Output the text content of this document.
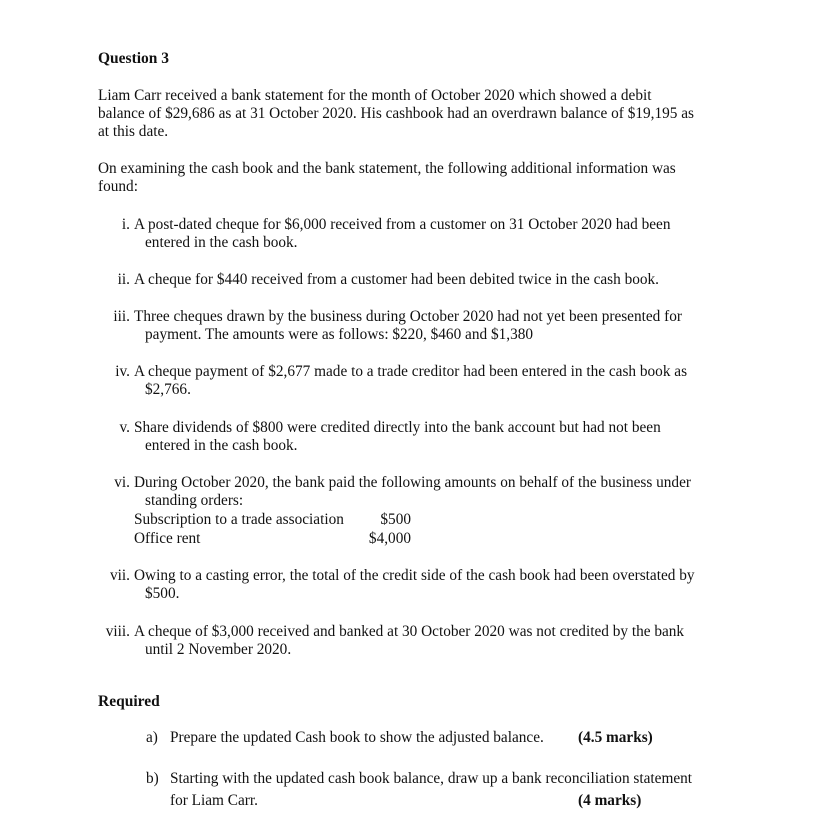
Question 3
Liam Carr received a bank statement for the month of October 2020 which showed a debit
balance of $29,686 as at 31 October 2020. His cashbook had an overdrawn balance of $19,195 as
at this date.
On examining the cash book and the bank statement, the following additional information was
found:
i. A post-dated cheque for $6,000 received from a customer on 31 October 2020 had been
entered in the cash book.
ii. A cheque for $440 received from a customer had been debited twice in the cash book.
iii. Three cheques drawn by the business during October 2020 had not yet been presented for
payment. The amounts were as follows: $220, $460 and $1,380
iv. A cheque payment of $2,677 made to a trade creditor had been entered in the cash book as
$2,766.
v. Share dividends of $800 were credited directly into the bank account but had not been
entered in the cash book.
vi. During October 2020, the bank paid the following amounts on behalf of the business under
standing orders:
Subscription to a trade association $500
Office rent	$4,000
vii. Owing to a casting error, the total of the credit side of the cash book had been overstated by
$500.
viii. A cheque of $3,000 received and banked at 30 October 2020 was not credited by the bank
until 2 November 2020.
Required
a) Prepare the updated Cash book to show the adjusted balance. (4.5 marks)
b) Starting with the updated cash book balance, draw up a bank reconciliation statement
for Liam Carr.	(4 marks)
